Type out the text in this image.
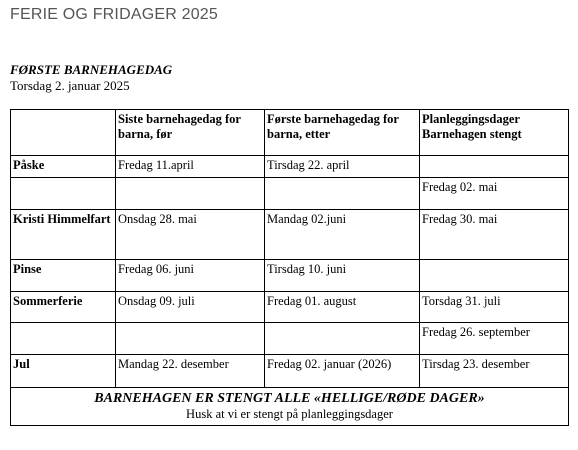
FERIE OG FRIDAGER 2025
FØRSTE BARNEHAGEDAG
Torsdag 2. januar 2025
	Siste barnehagedag for barna, før	Første barnehagedag for barna, etter	Planleggingsdager Barnehagen stengt
Påske	Fredag 11.april	Tirsdag 22. april	
			Fredag 02. mai
Kristi Himmelfart	Onsdag 28. mai	Mandag 02.juni	Fredag 30. mai
Pinse	Fredag 06. juni	Tirsdag 10. juni	
Sommerferie	Onsdag 09. juli	Fredag 01. august	Torsdag 31. juli
			Fredag 26. september
Jul	Mandag 22. desember	Fredag 02. januar (2026)	Tirsdag 23. desember

BARNEHAGEN ER STENGT ALLE «HELLIGE/RØDE DAGER»
Husk at vi er stengt på planleggingsdager			
